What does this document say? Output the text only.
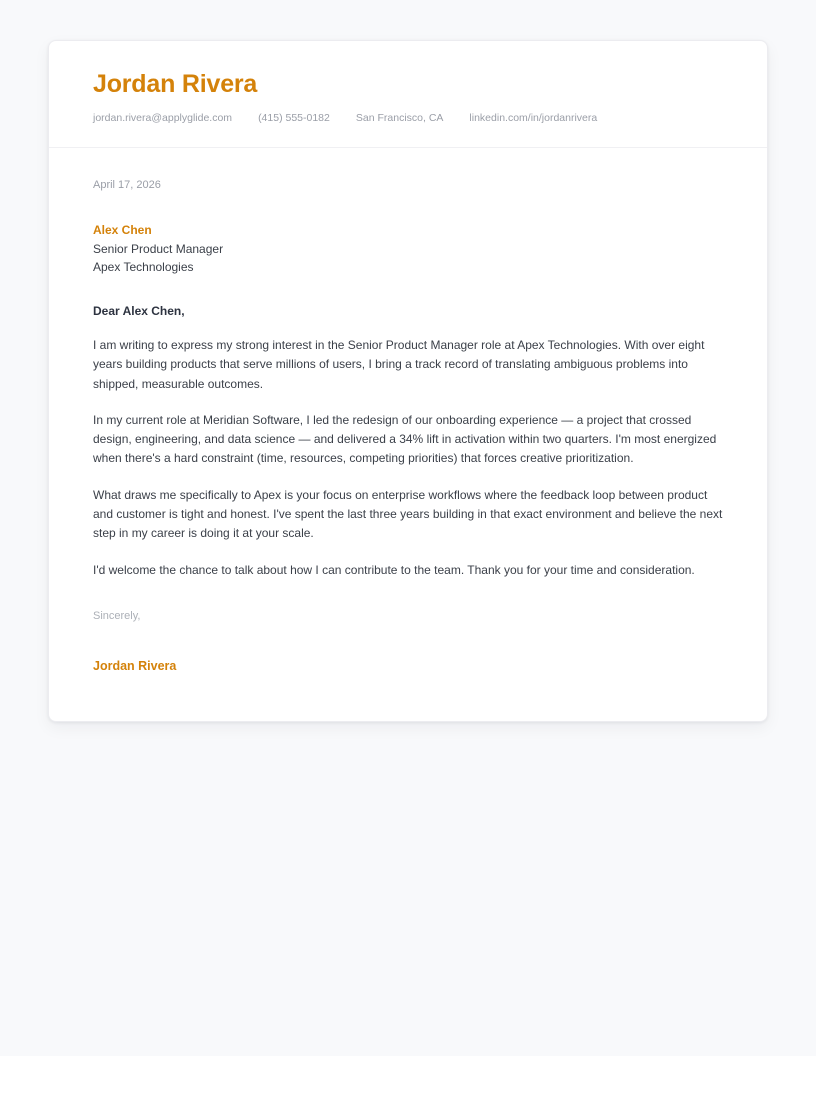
Jordan Rivera
jordan.rivera@applyglide.com (415) 555-0182 San Francisco, CA linkedin.com/in/jordanrivera
April 17, 2026
Alex Chen
Senior Product Manager
Apex Technologies
Dear Alex Chen,

I am writing to express my strong interest in the Senior Product Manager role at Apex Technologies. With over eight years building products that serve millions of users, I bring a track record of translating ambiguous problems into shipped, measurable outcomes.

In my current role at Meridian Software, I led the redesign of our onboarding experience — a project that crossed design, engineering, and data science — and delivered a 34% lift in activation within two quarters. I'm most energized when there's a hard constraint (time, resources, competing priorities) that forces creative prioritization.

What draws me specifically to Apex is your focus on enterprise workflows where the feedback loop between product and customer is tight and honest. I've spent the last three years building in that exact environment and believe the next step in my career is doing it at your scale.

I'd welcome the chance to talk about how I can contribute to the team. Thank you for your time and consideration.

Sincerely,
Jordan Rivera
